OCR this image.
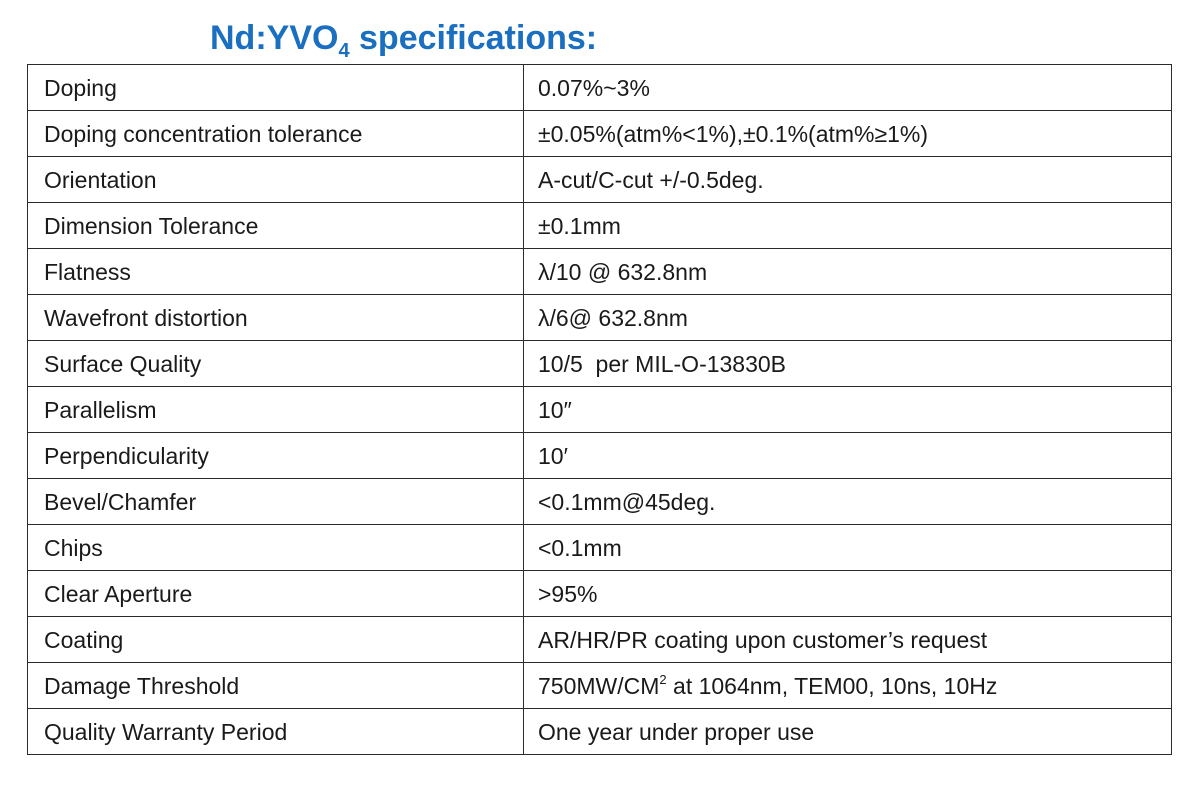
$Nd:YVO_4$ specifications:
Doping	0.07%~3%
Doping concentration tolerance	±0.05%(atm%<1%),±0.1%(atm%≥1%)
Orientation	A-cut/C-cut +/-0.5deg.
Dimension Tolerance	±0.1mm
Flatness	λ/10 @ 632.8nm
Wavefront distortion	λ/6@ 632.8nm
Surface Quality	10/5  per MIL-O-13830B
Parallelism	10″
Perpendicularity	10′
Bevel/Chamfer	<0.1mm@45deg.
Chips	<0.1mm
Clear Aperture	>95%
Coating	AR/HR/PR coating upon customer’s request
Damage Threshold	$750MW/CM^2$ at 1064nm, TEM00, 10ns, 10Hz
Quality Warranty Period	One year under proper use
